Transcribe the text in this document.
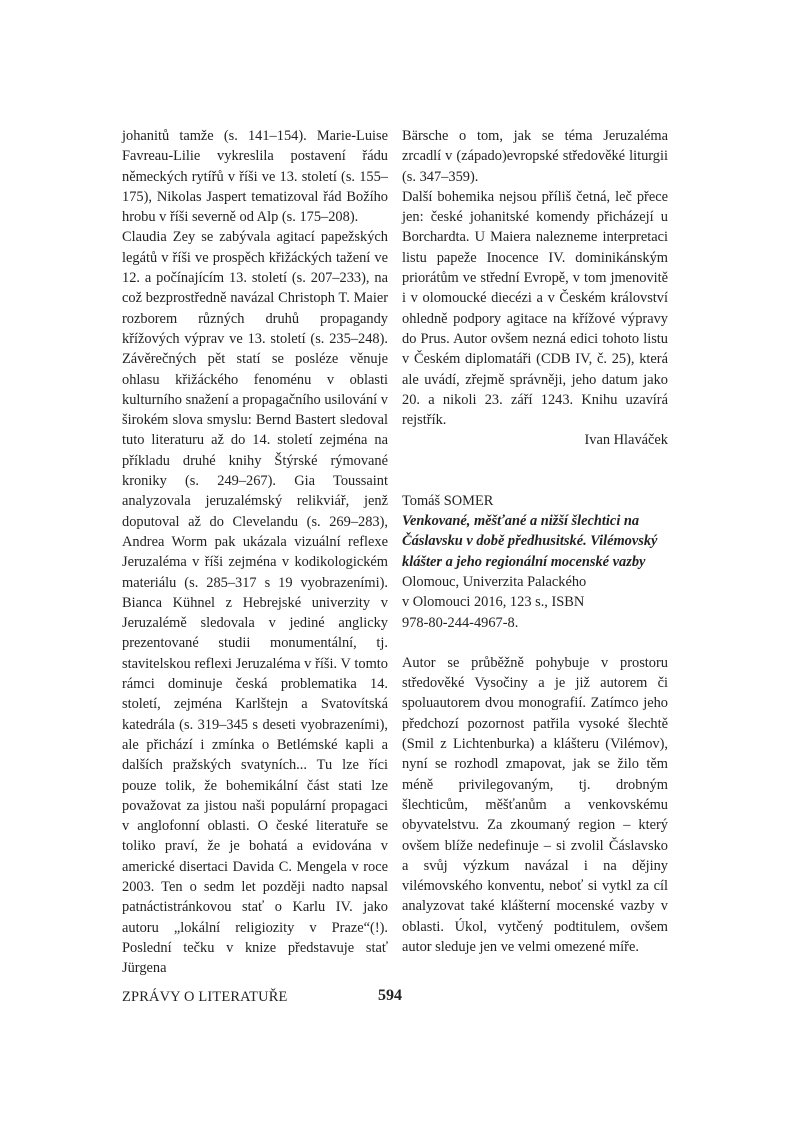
johanitů tamže (s. 141–154). Marie-Luise Favreau-Lilie vykreslila postavení řádu německých rytířů v říši ve 13. století (s. 155–175), Nikolas Jaspert tematizoval řád Božího hrobu v říši severně od Alp (s. 175–208).

Claudia Zey se zabývala agitací papežských legátů v říši ve prospěch křižáckých tažení ve 12. a počínajícím 13. století (s. 207–233), na což bezprostředně navázal Christoph T. Maier rozborem různých druhů propagandy křížových výprav ve 13. století (s. 235–248). Závěrečných pět statí se posléze věnuje ohlasu křižáckého fenoménu v oblasti kulturního snažení a propagačního usilování v širokém slova smyslu: Bernd Bastert sledoval tuto literaturu až do 14. století zejména na příkladu druhé knihy Štýrské rýmované kroniky (s. 249–267). Gia Toussaint analyzovala jeruzalémský relikviář, jenž doputoval až do Clevelandu (s. 269–283), Andrea Worm pak ukázala vizuální reflexe Jeruzaléma v říši zejména v kodikologickém materiálu (s. 285–317 s 19 vyobrazeními). Bianca Kühnel z Hebrejské univerzity v Jeruzalémě sledovala v jediné anglicky prezentované studii monumentální, tj. stavitelskou reflexi Jeruzaléma v říši. V tomto rámci dominuje česká problematika 14. století, zejména Karlštejn a Svatovítská katedrála (s. 319–345 s deseti vyobrazeními), ale přichází i zmínka o Betlémské kapli a dalších pražských svatyních... Tu lze říci pouze tolik, že bohemikální část stati lze považovat za jistou naši populární propagaci v anglofonní oblasti. O české literatuře se toliko praví, že je bohatá a evidována v americké disertaci Davida C. Mengela v roce 2003. Ten o sedm let později nadto napsal patnáctistránkovou stať o Karlu IV. jako autoru „lokální religiozity v Praze“(!). Poslední tečku v knize představuje stať Jürgena

Bärsche o tom, jak se téma Jeruzaléma zrcadlí v (západo)evropské středověké liturgii (s. 347–359).

Další bohemika nejsou příliš četná, leč přece jen: české johanitské komendy přicházejí u Borchardta. U Maiera nalezneme interpretaci listu papeže Inocence IV. dominikánským priorátům ve střední Evropě, v tom jmenovitě i v olomoucké diecézi a v Českém království ohledně podpory agitace na křížové výpravy do Prus. Autor ovšem nezná edici tohoto listu v Českém diplomatáři (CDB IV, č. 25), která ale uvádí, zřejmě správněji, jeho datum jako 20. a nikoli 23. září 1243. Knihu uzavírá rejstřík.

Ivan Hlaváček

Tomáš SOMER

Venkované, měšťané a nižší šlechtici na Čáslavsku v době předhusitské. Vilémovský klášter a jeho regionální mocenské vazby

Olomouc, Univerzita Palackého

v Olomouci 2016, 123 s., ISBN

978-80-244-4967-8.

Autor se průběžně pohybuje v prostoru středověké Vysočiny a je již autorem či spoluautorem dvou monografií. Zatímco jeho předchozí pozornost patřila vysoké šlechtě (Smil z Lichtenburka) a klášteru (Vilémov), nyní se rozhodl zmapovat, jak se žilo těm méně privilegovaným, tj. drobným šlechticům, měšťanům a venkovskému obyvatelstvu. Za zkoumaný region – který ovšem blíže nedefinuje – si zvolil Čáslavsko a svůj výzkum navázal i na dějiny vilémovského konventu, neboť si vytkl za cíl analyzovat také klášterní mocenské vazby v oblasti. Úkol, vytčený podtitulem, ovšem autor sleduje jen ve velmi omezené míře.

ZPRÁVY O LITERATUŘE	594
